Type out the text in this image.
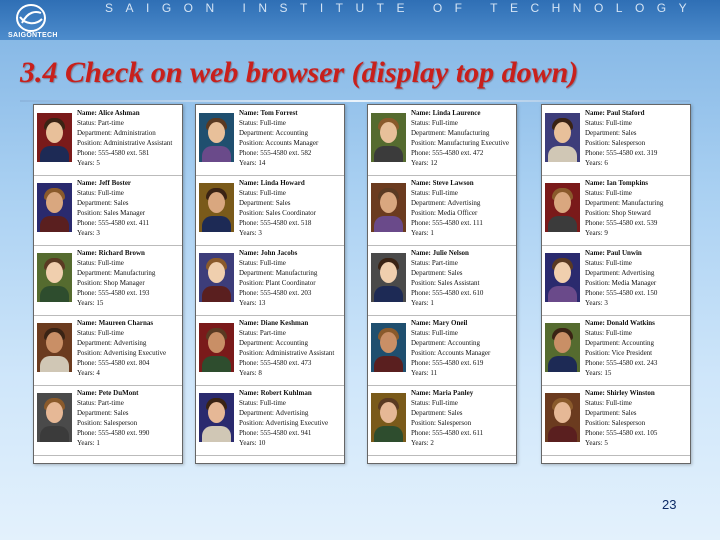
SAIGONTECH
SAIGON INSTITUTE OF TECHNOLOGY
3.4 Check on web browser (display top down)
Name: Alice Ashman
Status: Part-time
Department: Administration
Position: Administrative Assistant
Phone: 555-4580 ext. 581
Years: 5
Name: Jeff Boster
Status: Full-time
Department: Sales
Position: Sales Manager
Phone: 555-4580 ext. 411
Years: 3
Name: Richard Brown
Status: Full-time
Department: Manufacturing
Position: Shop Manager
Phone: 555-4580 ext. 193
Years: 15
Name: Maureen Charnas
Status: Full-time
Department: Advertising
Position: Advertising Executive
Phone: 555-4580 ext. 804
Years: 4
Name: Pete DuMont
Status: Part-time
Department: Sales
Position: Salesperson
Phone: 555-4580 ext. 990
Years: 1
Name: Tom Forrest
Status: Full-time
Department: Accounting
Position: Accounts Manager
Phone: 555-4580 ext. 582
Years: 14
Name: Linda Howard
Status: Full-time
Department: Sales
Position: Sales Coordinator
Phone: 555-4580 ext. 518
Years: 3
Name: John Jacobs
Status: Full-time
Department: Manufacturing
Position: Plant Coordinator
Phone: 555-4580 ext. 203
Years: 13
Name: Diane Keshman
Status: Part-time
Department: Accounting
Position: Administrative Assistant
Phone: 555-4580 ext. 473
Years: 8
Name: Robert Kuhlman
Status: Full-time
Department: Advertising
Position: Advertising Executive
Phone: 555-4580 ext. 941
Years: 10
Name: Linda Laurence
Status: Full-time
Department: Manufacturing
Position: Manufacturing Executive
Phone: 555-4580 ext. 472
Years: 12
Name: Steve Lawson
Status: Full-time
Department: Advertising
Position: Media Officer
Phone: 555-4580 ext. 111
Years: 1
Name: Julie Nelson
Status: Part-time
Department: Sales
Position: Sales Assistant
Phone: 555-4580 ext. 610
Years: 1
Name: Mary Oneil
Status: Full-time
Department: Accounting
Position: Accounts Manager
Phone: 555-4580 ext. 619
Years: 11
Name: Maria Panley
Status: Full-time
Department: Sales
Position: Salesperson
Phone: 555-4580 ext. 611
Years: 2
Name: Paul Staford
Status: Full-time
Department: Sales
Position: Salesperson
Phone: 555-4580 ext. 319
Years: 6
Name: Ian Tompkins
Status: Full-time
Department: Manufacturing
Position: Shop Steward
Phone: 555-4580 ext. 539
Years: 9
Name: Paul Unwin
Status: Full-time
Department: Advertising
Position: Media Manager
Phone: 555-4580 ext. 150
Years: 3
Name: Donald Watkins
Status: Full-time
Department: Accounting
Position: Vice President
Phone: 555-4580 ext. 243
Years: 15
Name: Shirley Winston
Status: Full-time
Department: Sales
Position: Salesperson
Phone: 555-4580 ext. 105
Years: 5
23
